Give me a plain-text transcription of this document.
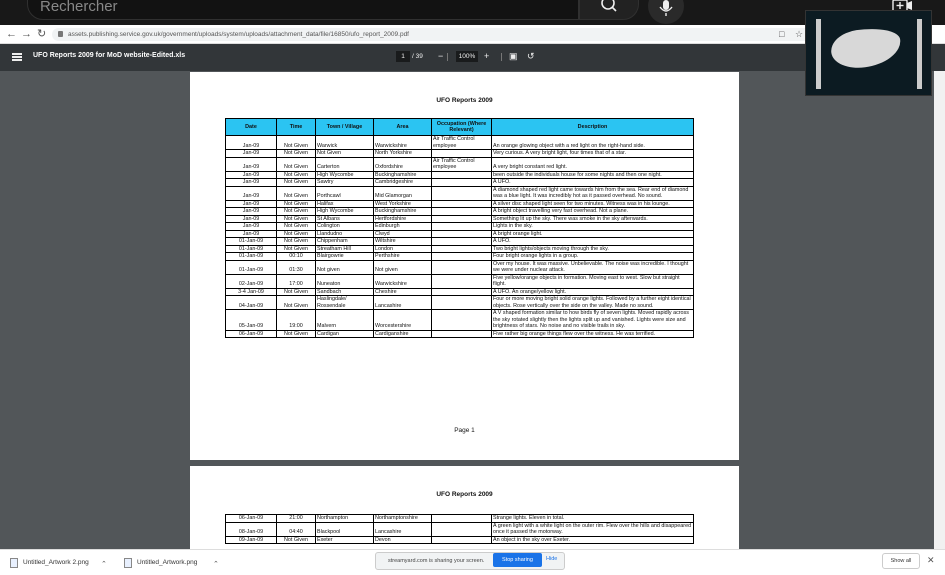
Rechercher
← → ↻	assets.publishing.service.gov.uk/government/uploads/system/uploads/attachment_data/file/16850/ufo_report_2009.pdf	□ ☆
UFO Reports 2009 for MoD website-Edited.xls	1	/ 39 −	100% + ▣ ↺
UFO Reports 2009
Date	Time	Town / Village	Area	Occupation (Where Relevant)	Description
Jan-09	Not Given	Warwick	Warwickshire	Air Traffic Control employee	An orange glowing object with a red light on the right-hand side.
Jan-09	Not Given	Not Given	North Yorkshire		Very curious. A very bright light, four times that of a star.
Jan-09	Not Given	Carterton	Oxfordshire	Air Traffic Control employee	A very bright constant red light.
Jan-09	Not Given	High Wycombe	Buckinghamshire		been outside the individuals house for some nights and then one night.
Jan-09	Not Given	Sawtry	Cambridgeshire		A UFO.
Jan-09	Not Given	Porthcawl	Mid Glamorgan		A diamond shaped red light came towards him from the sea. Rear end of diamond was a blue light. It was incredibly hot as it passed overhead. No sound.
Jan-09	Not Given	Halifax	West Yorkshire		A silver disc shaped light seen for two minutes. Witness was in his lounge.
Jan-09	Not Given	High Wycombe	Buckinghamshire		A bright object travelling very fast overhead. Not a plane.
Jan-09	Not Given	St Albans	Hertfordshire		Something lit up the sky. There was smoke in the sky afterwards.
Jan-09	Not Given	Colington	Edinburgh		Lights in the sky.
Jan-09	Not Given	Llandudno	Clwyd		A bright orange light.
01-Jan-09	Not Given	Chippenham	Wiltshire		A UFO.
01-Jan-09	Not Given	Streatham Hill	London		Two bright lights/objects moving through the sky.
01-Jan-09	00:10	Blairgowrie	Perthshire		Four bright orange lights in a group.
01-Jan-09	01:30	Not given	Not given		Over my house. It was massive. Unbelievable. The noise was incredible. I thought we were under nuclear attack.
02-Jan-09	17:00	Nuneaton	Warwickshire		Five yellow/orange objects in formation. Moving east to west. Slow but straight flight.
3-4 Jan-09	Not Given	Sandbach	Cheshire		A UFO. An orange/yellow light.
04-Jan-09	Not Given	Haslingdale/ Rossendale	Lancashire		Four or more moving bright solid orange lights. Followed by a further eight identical objects. Rose vertically over the side on the valley. Made no sound.
05-Jan-09	19:00	Malvern	Worcestershire		A V shaped formation similar to how birds fly of seven lights. Moved rapidly across the sky rotated slightly then the lights split up and vanished. Lights were size and brightness of stars. No noise and no visible trails in sky.
06-Jan-09	Not Given	Cardigan	Cardiganshire		Five rather big orange things flew over the witness. He was terrified.
Page 1
UFO Reports 2009
06-Jan-09	21:00	Northampton	Northamptonshire		Strange lights. Eleven in total.
08-Jan-09	04:40	Blackpool	Lancashire		A green light with a white light on the outer rim. Flew over the hills and disappeared once it passed the motorway.
09-Jan-09	Not Given	Exeter	Devon		An object in the sky over Exeter.
Untitled_Artwork 2.png ⌃	Untitled_Artwork.png ⌃	streamyard.com is sharing your screen.	Stop sharing	Hide	Show all	✕
